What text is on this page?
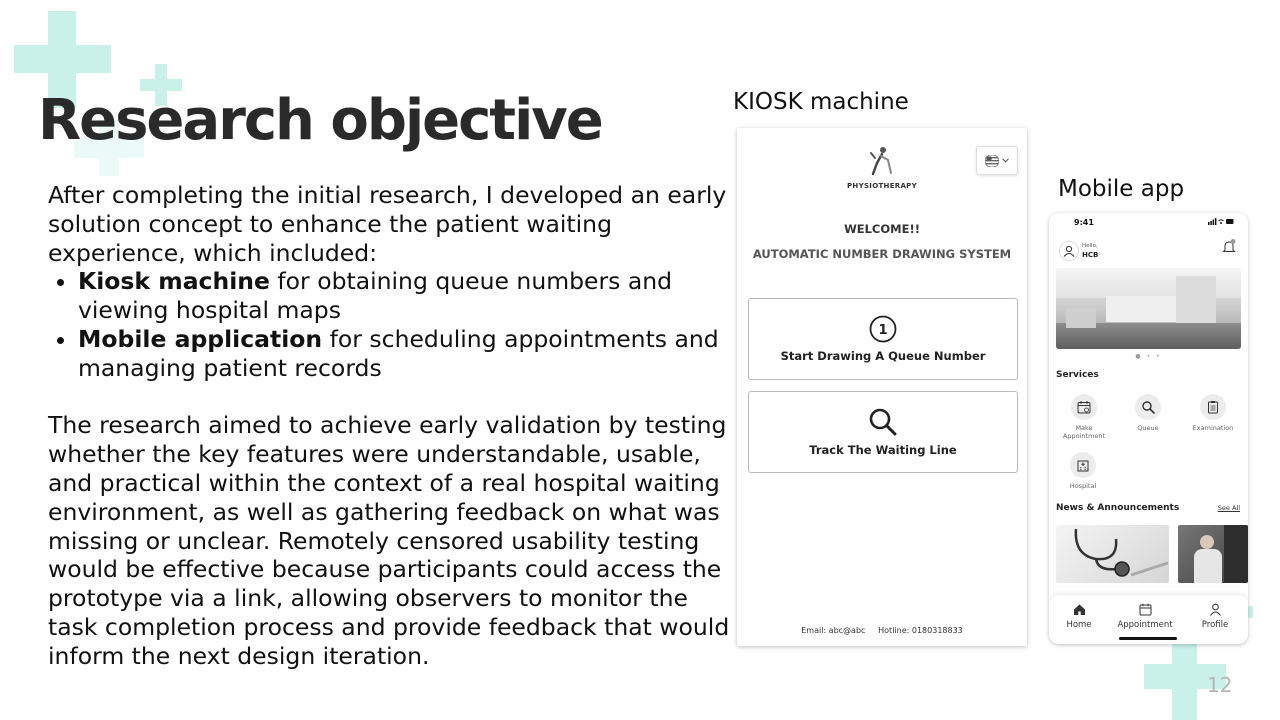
Research objective

After completing the initial research, I developed an early solution concept to enhance the patient waiting experience, which included:

• Kiosk machine for obtaining queue numbers and viewing hospital maps
• Mobile application for scheduling appointments and managing patient records

The research aimed to achieve early validation by testing whether the key features were understandable, usable, and practical within the context of a real hospital waiting environment, as well as gathering feedback on what was missing or unclear. Remotely censored usability testing would be effective because participants could access the prototype via a link, allowing observers to monitor the task completion process and provide feedback that would inform the next design iteration.

KIOSK machine
PHYSIOTHERAPY
WELCOME!!
AUTOMATIC NUMBER DRAWING SYSTEM
1
Start Drawing A Queue Number
Track The Waiting Line
Email: abc@abc     Hotline: 0180318833
Mobile app
9:41
Hello,
HCB
● • •
Services
Make Appointment
Queue	Examination
Hospital
News & Announcements	See All
Home	Appointment	Profile
12
